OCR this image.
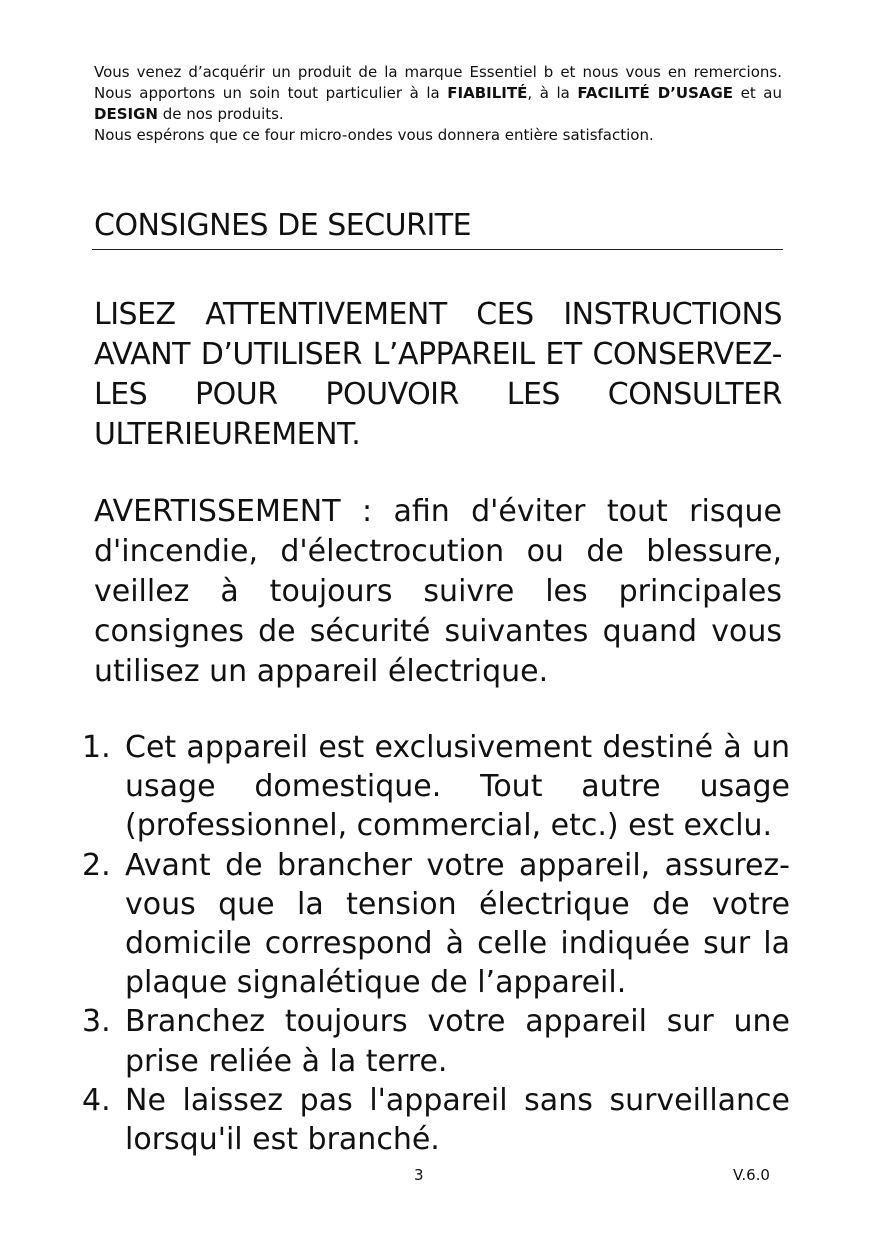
Vous venez d’acquérir un produit de la marque Essentiel b et nous vous en remercions. Nous apportons un soin tout particulier à la FIABILITÉ, à la FACILITÉ D’USAGE et au DESIGN de nos produits.

Nous espérons que ce four micro-ondes vous donnera entière satisfaction.

CONSIGNES DE SECURITE

LISEZ ATTENTIVEMENT CES INSTRUCTIONS AVANT D’UTILISER L’APPAREIL ET CONSERVEZ-LES POUR POUVOIR LES CONSULTER ULTERIEUREMENT.

AVERTISSEMENT : afin d'éviter tout risque d'incendie, d'électrocution ou de blessure, veillez à toujours suivre les principales consignes de sécurité suivantes quand vous utilisez un appareil électrique.

1. Cet appareil est exclusivement destiné à un usage domestique. Tout autre usage (professionnel, commercial, etc.) est exclu.
2. Avant de brancher votre appareil, assurez-vous que la tension électrique de votre domicile correspond à celle indiquée sur la plaque signalétique de l’appareil.
3. Branchez toujours votre appareil sur une prise reliée à la terre.
4. Ne laissez pas l'appareil sans surveillance lorsqu'il est branché.
3	V.6.0
